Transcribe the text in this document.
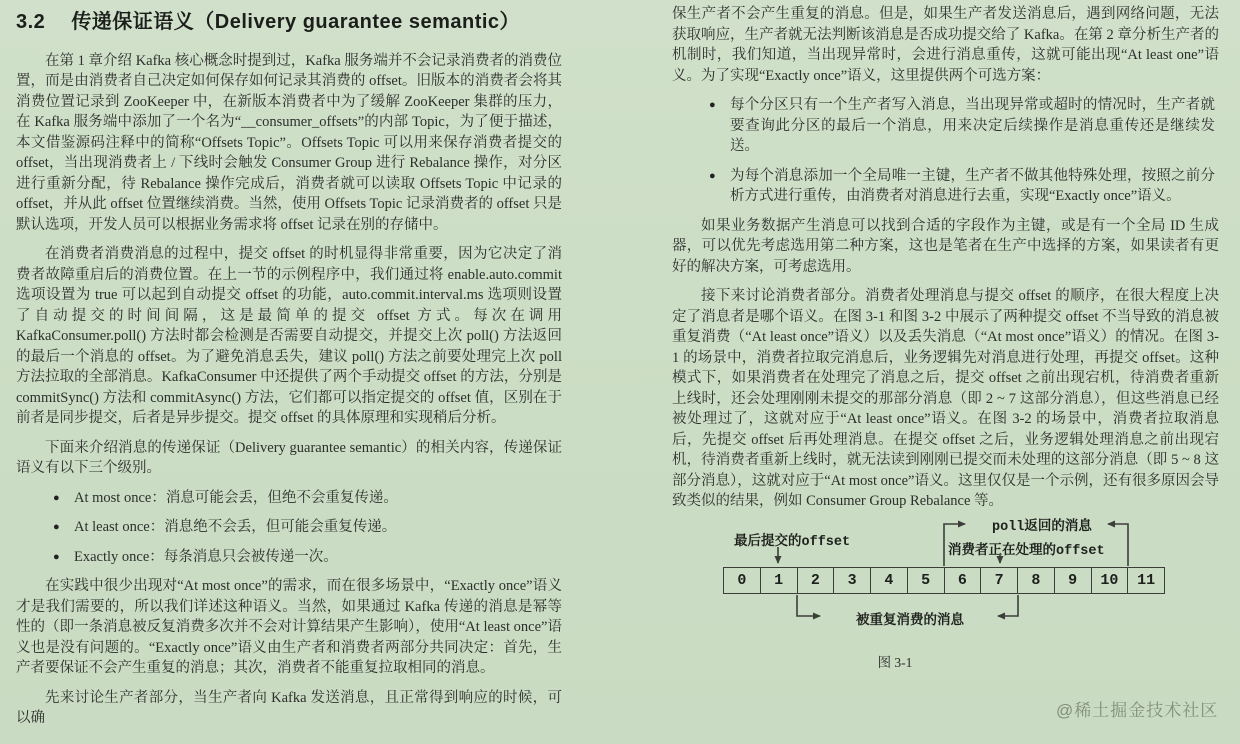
3.2 传递保证语义（Delivery guarantee semantic）

在第 1 章介绍 Kafka 核心概念时提到过，Kafka 服务端并不会记录消费者的消费位置，而是由消费者自己决定如何保存如何记录其消费的 offset。旧版本的消费者会将其消费位置记录到 ZooKeeper 中，在新版本消费者中为了缓解 ZooKeeper 集群的压力，在 Kafka 服务端中添加了一个名为“__consumer_offsets”的内部 Topic，为了便于描述，本文借鉴源码注释中的简称“Offsets Topic”。Offsets Topic 可以用来保存消费者提交的 offset，当出现消费者上 / 下线时会触发 Consumer Group 进行 Rebalance 操作，对分区进行重新分配，待 Rebalance 操作完成后，消费者就可以读取 Offsets Topic 中记录的 offset，并从此 offset 位置继续消费。当然，使用 Offsets Topic 记录消费者的 offset 只是默认选项，开发人员可以根据业务需求将 offset 记录在别的存储中。

在消费者消费消息的过程中，提交 offset 的时机显得非常重要，因为它决定了消费者故障重启后的消费位置。在上一节的示例程序中，我们通过将 enable.auto.commit 选项设置为 true 可以起到自动提交 offset 的功能，auto.commit.interval.ms 选项则设置了自动提交的时间间隔，这是最简单的提交 offset 方式。每次在调用 KafkaConsumer.poll() 方法时都会检测是否需要自动提交，并提交上次 poll() 方法返回的最后一个消息的 offset。为了避免消息丢失，建议 poll() 方法之前要处理完上次 poll 方法拉取的全部消息。KafkaConsumer 中还提供了两个手动提交 offset 的方法，分别是 commitSync() 方法和 commitAsync() 方法，它们都可以指定提交的 offset 值，区别在于前者是同步提交，后者是异步提交。提交 offset 的具体原理和实现稍后分析。

下面来介绍消息的传递保证（Delivery guarantee semantic）的相关内容，传递保证语义有以下三个级别。

● At most once：消息可能会丢，但绝不会重复传递。
● At least once：消息绝不会丢，但可能会重复传递。
● Exactly once：每条消息只会被传递一次。

在实践中很少出现对“At most once”的需求，而在很多场景中，“Exactly once”语义才是我们需要的，所以我们详述这种语义。当然，如果通过 Kafka 传递的消息是幂等性的（即一条消息被反复消费多次并不会对计算结果产生影响），使用“At least once”语义也是没有问题的。“Exactly once”语义由生产者和消费者两部分共同决定：首先，生产者要保证不会产生重复的消息；其次，消费者不能重复拉取相同的消息。

先来讨论生产者部分，当生产者向 Kafka 发送消息，且正常得到响应的时候，可以确

保生产者不会产生重复的消息。但是，如果生产者发送消息后，遇到网络问题，无法获取响应，生产者就无法判断该消息是否成功提交给了 Kafka。在第 2 章分析生产者的机制时，我们知道，当出现异常时，会进行消息重传，这就可能出现“At least one”语义。为了实现“Exactly once”语义，这里提供两个可选方案：

● 每个分区只有一个生产者写入消息，当出现异常或超时的情况时，生产者就要查询此分区的最后一个消息，用来决定后续操作是消息重传还是继续发送。
● 为每个消息添加一个全局唯一主键，生产者不做其他特殊处理，按照之前分析方式进行重传，由消费者对消息进行去重，实现“Exactly once”语义。

如果业务数据产生消息可以找到合适的字段作为主键，或是有一个全局 ID 生成器，可以优先考虑选用第二种方案，这也是笔者在生产中选择的方案，如果读者有更好的解决方案，可考虑选用。

接下来讨论消费者部分。消费者处理消息与提交 offset 的顺序，在很大程度上决定了消息者是哪个语义。在图 3-1 和图 3-2 中展示了两种提交 offset 不当导致的消息被重复消费（“At least once”语义）以及丢失消息（“At most once”语义）的情况。在图 3-1 的场景中，消费者拉取完消息后，业务逻辑先对消息进行处理，再提交 offset。这种模式下，如果消费者在处理完了消息之后，提交 offset 之前出现宕机，待消费者重新上线时，还会处理刚刚未提交的那部分消息（即 2 ~ 7 这部分消息），但这些消息已经被处理过了，这就对应于“At least once”语义。在图 3-2 的场景中，消费者拉取消息后，先提交 offset 后再处理消息。在提交 offset 之后，业务逻辑处理消息之前出现宕机，待消费者重新上线时，就无法读到刚刚已提交而未处理的这部分消息（即 5 ~ 8 这部分消息），这就对应于“At most once”语义。这里仅仅是一个示例，还有很多原因会导致类似的结果，例如 Consumer Group Rebalance 等。

最后提交的offset
poll返回的消息
消费者正在处理的offset
0	1	2	3	4	5	6	7	8	9	10	11
被重复消费的消息
图 3-1
@稀土掘金技术社区
